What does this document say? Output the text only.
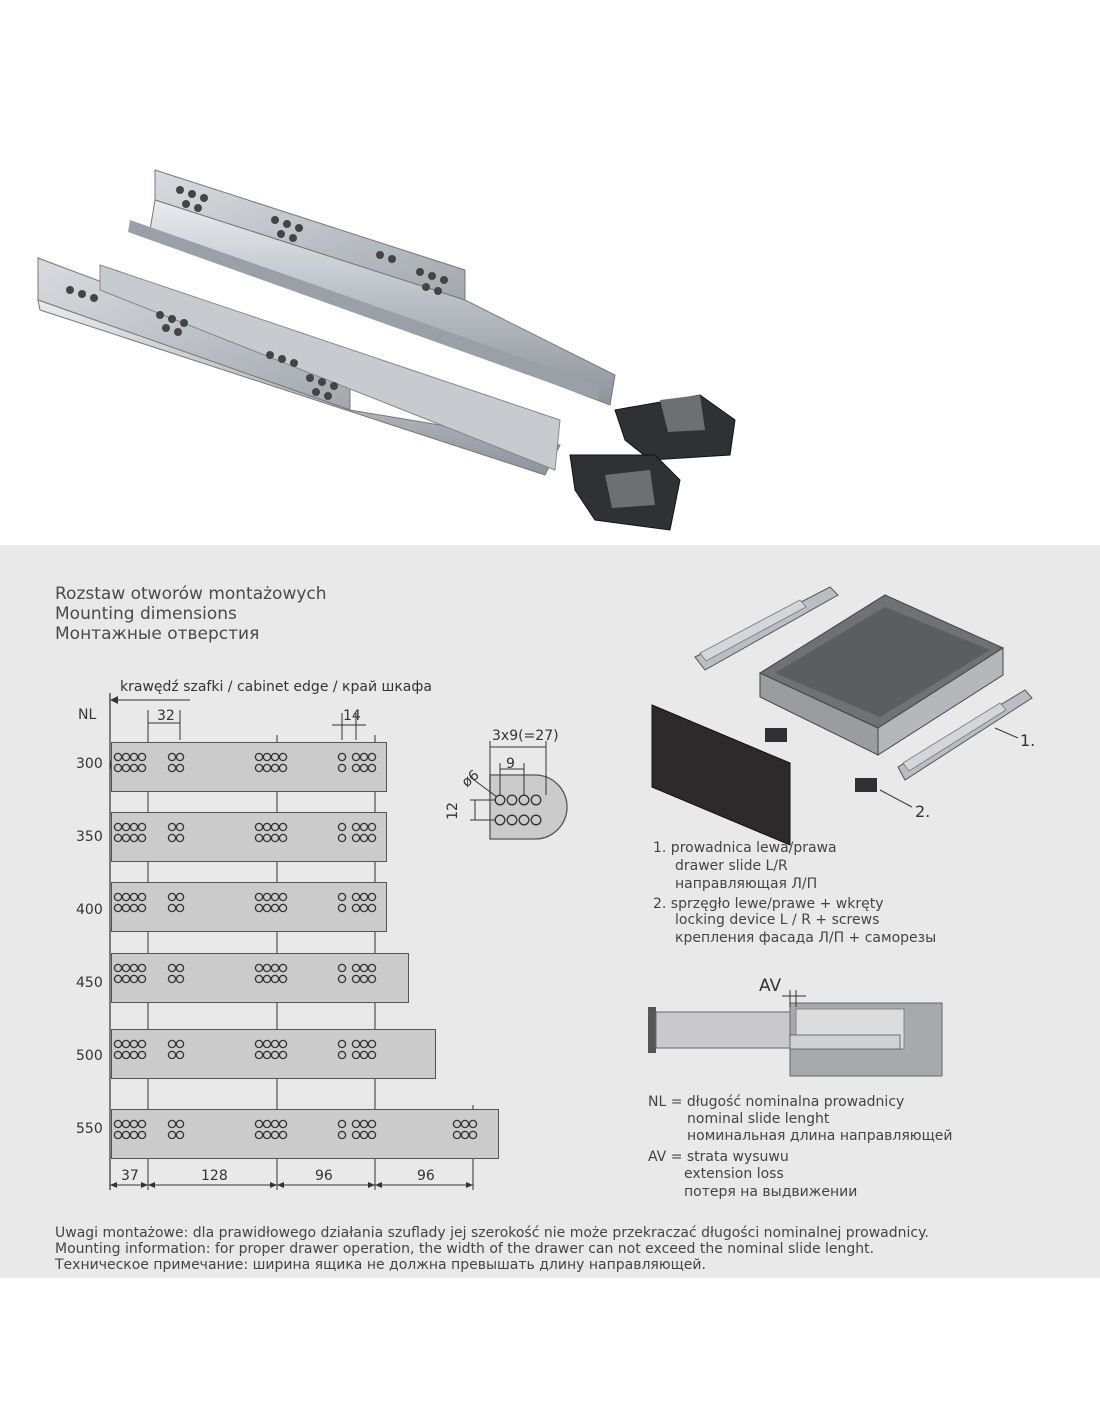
Rozstaw otworów montażowych
Mounting dimensions
Монтажные отверстия
krawędź szafki / cabinet edge / край шкафа
NL	32	14
300
350
400
450
500
550
37	128	96	96
3x9(=27)
9
ø6
12
1.
2.
1. prowadnica lewa/prawa
drawer slide L/R
направляющая Л/П
2. sprzęgło lewe/prawe + wkręty
locking device L / R + screws
крепления фасада Л/П + саморезы
AV
NL = długość nominalna prowadnicy
nominal slide lenght
номинальная длина направляющей
AV = strata wysuwu
extension loss
потеря на выдвижении
Uwagi montażowe: dla prawidłowego działania szuflady jej szerokość nie może przekraczać długości nominalnej prowadnicy.
Mounting information: for proper drawer operation, the width of the drawer can not exceed the nominal slide lenght.
Техническое примечание: ширина ящика не должна превышать длину направляющей.
